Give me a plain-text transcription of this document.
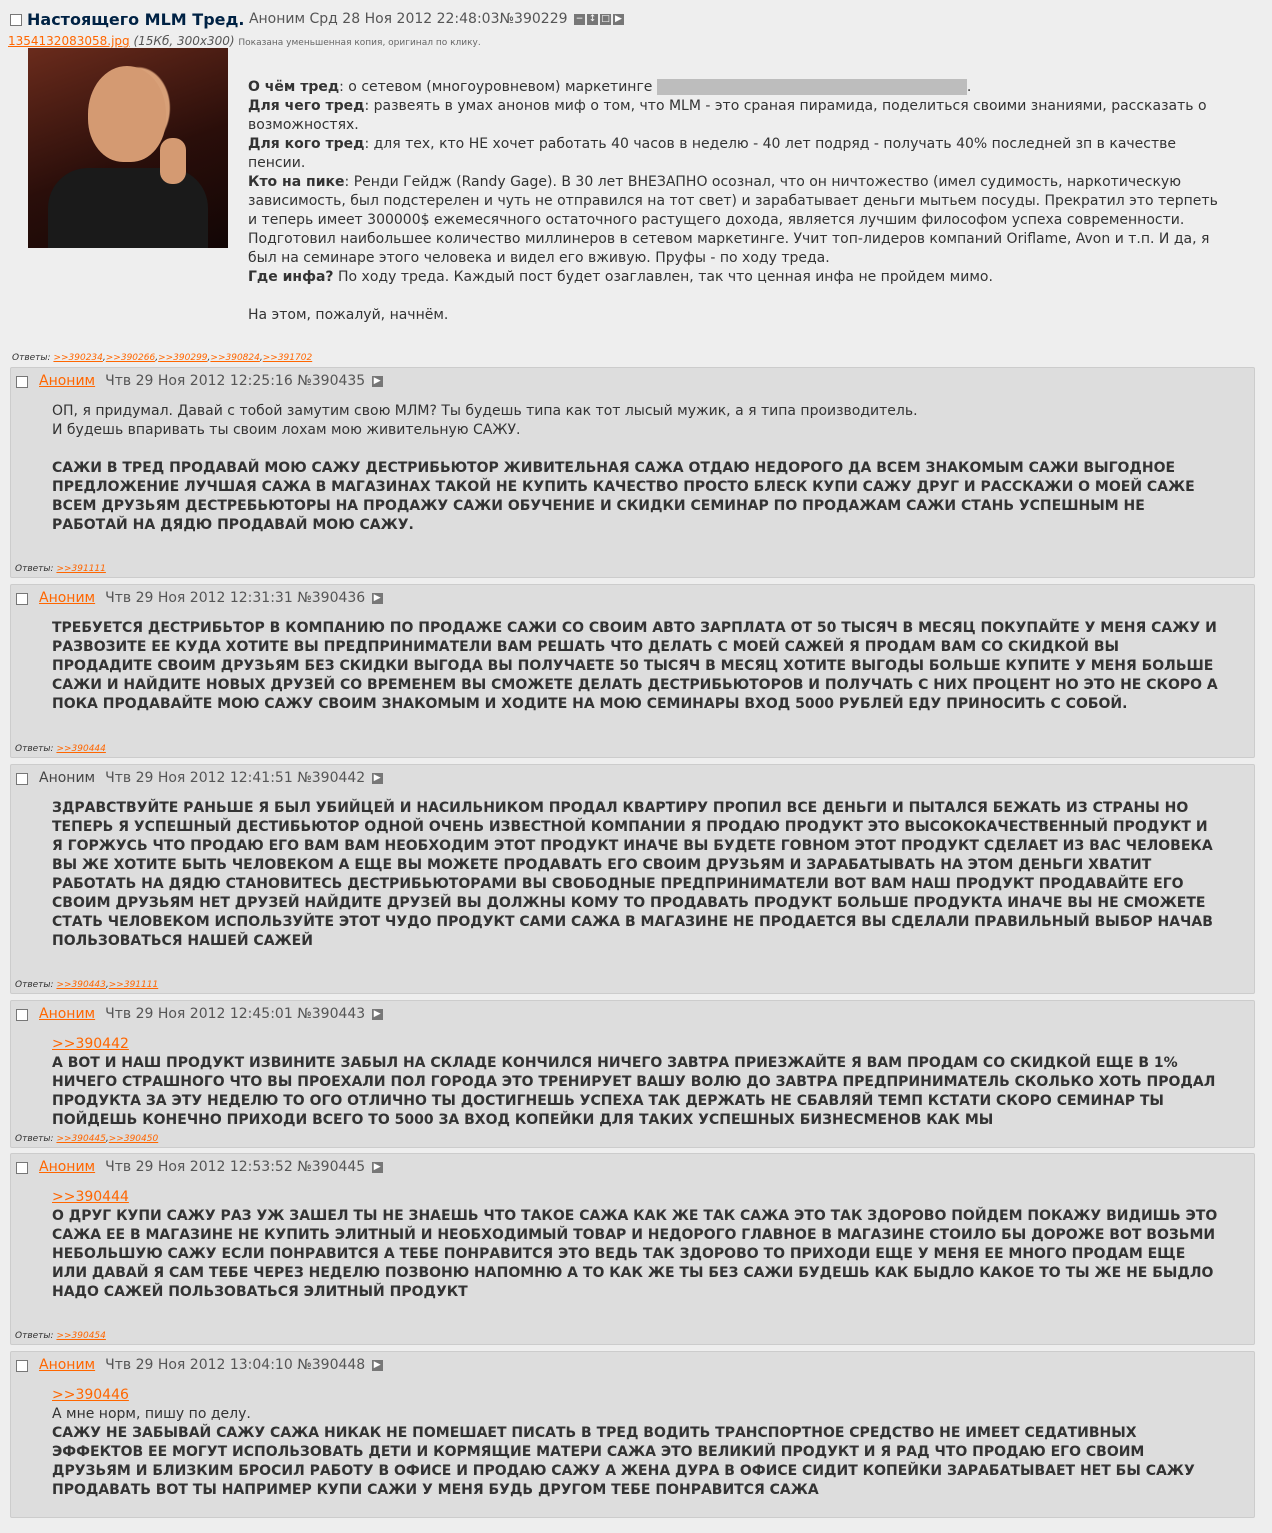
Настоящего MLM Тред. Аноним Срд 28 Ноя 2012 22:48:03№390229 − ↕ □ ▶
1354132083058.jpg (15Кб, 300x300) Показана уменьшенная копия, оригинал по клику.

О чём тред: о сетевом (многоуровневом) маркетинге	.

Для чего тред: развеять в умах анонов миф о том, что MLM - это сраная пирамида, поделиться своими знаниями, рассказать о возможностях.

Для кого тред: для тех, кто НЕ хочет работать 40 часов в неделю - 40 лет подряд - получать 40% последней зп в качестве пенсии.

Кто на пике: Ренди Гейдж (Randy Gage). В 30 лет ВНЕЗАПНО осознал, что он ничтожество (имел судимость, наркотическую зависимость, был подстерелен и чуть не отправился на тот свет) и зарабатывает деньги мытьем посуды. Прекратил это терпеть и теперь имеет 300000$ ежемесячного остаточного растущего дохода, является лучшим философом успеха современности. Подготовил наибольшее количество миллинеров в сетевом маркетинге. Учит топ-лидеров компаний Oriflame, Avon и т.п. И да, я был на семинаре этого человека и видел его вживую. Пруфы - по ходу треда.

Где инфа? По ходу треда. Каждый пост будет озаглавлен, так что ценная инфа не пройдем мимо.

На этом, пожалуй, начнём.

Ответы: >>390234,>>390266,>>390299,>>390824,>>391702
Аноним Чтв 29 Ноя 2012 12:25:16 №390435 ▶

ОП, я придумал. Давай с тобой замутим свою МЛМ? Ты будешь типа как тот лысый мужик, а я типа производитель.

И будешь впаривать ты своим лохам мою живительную САЖУ.

САЖИ В ТРЕД ПРОДАВАЙ МОЮ САЖУ ДЕСТРИБЬЮТОР ЖИВИТЕЛЬНАЯ САЖА ОТДАЮ НЕДОРОГО ДА ВСЕМ ЗНАКОМЫМ САЖИ ВЫГОДНОЕ ПРЕДЛОЖЕНИЕ ЛУЧШАЯ САЖА В МАГАЗИНАХ ТАКОЙ НЕ КУПИТЬ КАЧЕСТВО ПРОСТО БЛЕСК КУПИ САЖУ ДРУГ И РАССКАЖИ О МОЕЙ САЖЕ ВСЕМ ДРУЗЬЯМ ДЕСТРЕБЬЮТОРЫ НА ПРОДАЖУ САЖИ ОБУЧЕНИЕ И СКИДКИ СЕМИНАР ПО ПРОДАЖАМ САЖИ СТАНЬ УСПЕШНЫМ НЕ РАБОТАЙ НА ДЯДЮ ПРОДАВАЙ МОЮ САЖУ.

Ответы: >>391111
Аноним Чтв 29 Ноя 2012 12:31:31 №390436 ▶

ТРЕБУЕТСЯ ДЕСТРИБЬТОР В КОМПАНИЮ ПО ПРОДАЖЕ САЖИ СО СВОИМ АВТО ЗАРПЛАТА ОТ 50 ТЫСЯЧ В МЕСЯЦ ПОКУПАЙТЕ У МЕНЯ САЖУ И РАЗВОЗИТЕ ЕЕ КУДА ХОТИТЕ ВЫ ПРЕДПРИНИМАТЕЛИ ВАМ РЕШАТЬ ЧТО ДЕЛАТЬ С МОЕЙ САЖЕЙ Я ПРОДАМ ВАМ СО СКИДКОЙ ВЫ ПРОДАДИТЕ СВОИМ ДРУЗЬЯМ БЕЗ СКИДКИ ВЫГОДА ВЫ ПОЛУЧАЕТЕ 50 ТЫСЯЧ В МЕСЯЦ ХОТИТЕ ВЫГОДЫ БОЛЬШЕ КУПИТЕ У МЕНЯ БОЛЬШЕ САЖИ И НАЙДИТЕ НОВЫХ ДРУЗЕЙ СО ВРЕМЕНЕМ ВЫ СМОЖЕТЕ ДЕЛАТЬ ДЕСТРИБЬЮТОРОВ И ПОЛУЧАТЬ С НИХ ПРОЦЕНТ НО ЭТО НЕ СКОРО А ПОКА ПРОДАВАЙТЕ МОЮ САЖУ СВОИМ ЗНАКОМЫМ И ХОДИТЕ НА МОЮ СЕМИНАРЫ ВХОД 5000 РУБЛЕЙ ЕДУ ПРИНОСИТЬ С СОБОЙ.

Ответы: >>390444
Аноним Чтв 29 Ноя 2012 12:41:51 №390442 ▶

ЗДРАВСТВУЙТЕ РАНЬШЕ Я БЫЛ УБИЙЦЕЙ И НАСИЛЬНИКОМ ПРОДАЛ КВАРТИРУ ПРОПИЛ ВСЕ ДЕНЬГИ И ПЫТАЛСЯ БЕЖАТЬ ИЗ СТРАНЫ НО ТЕПЕРЬ Я УСПЕШНЫЙ ДЕСТИБЬЮТОР ОДНОЙ ОЧЕНЬ ИЗВЕСТНОЙ КОМПАНИИ Я ПРОДАЮ ПРОДУКТ ЭТО ВЫСОКОКАЧЕСТВЕННЫЙ ПРОДУКТ И Я ГОРЖУСЬ ЧТО ПРОДАЮ ЕГО ВАМ ВАМ НЕОБХОДИМ ЭТОТ ПРОДУКТ ИНАЧЕ ВЫ БУДЕТЕ ГОВНОМ ЭТОТ ПРОДУКТ СДЕЛАЕТ ИЗ ВАС ЧЕЛОВЕКА ВЫ ЖЕ ХОТИТЕ БЫТЬ ЧЕЛОВЕКОМ А ЕЩЕ ВЫ МОЖЕТЕ ПРОДАВАТЬ ЕГО СВОИМ ДРУЗЬЯМ И ЗАРАБАТЫВАТЬ НА ЭТОМ ДЕНЬГИ ХВАТИТ РАБОТАТЬ НА ДЯДЮ СТАНОВИТЕСЬ ДЕСТРИБЬЮТОРАМИ ВЫ СВОБОДНЫЕ ПРЕДПРИНИМАТЕЛИ ВОТ ВАМ НАШ ПРОДУКТ ПРОДАВАЙТЕ ЕГО СВОИМ ДРУЗЬЯМ НЕТ ДРУЗЕЙ НАЙДИТЕ ДРУЗЕЙ ВЫ ДОЛЖНЫ КОМУ ТО ПРОДАВАТЬ ПРОДУКТ БОЛЬШЕ ПРОДУКТА ИНАЧЕ ВЫ НЕ СМОЖЕТЕ СТАТЬ ЧЕЛОВЕКОМ ИСПОЛЬЗУЙТЕ ЭТОТ ЧУДО ПРОДУКТ САМИ САЖА В МАГАЗИНЕ НЕ ПРОДАЕТСЯ ВЫ СДЕЛАЛИ ПРАВИЛЬНЫЙ ВЫБОР НАЧАВ ПОЛЬЗОВАТЬСЯ НАШЕЙ САЖЕЙ

Ответы: >>390443,>>391111
Аноним Чтв 29 Ноя 2012 12:45:01 №390443 ▶

>>390442

А ВОТ И НАШ ПРОДУКТ ИЗВИНИТЕ ЗАБЫЛ НА СКЛАДЕ КОНЧИЛСЯ НИЧЕГО ЗАВТРА ПРИЕЗЖАЙТЕ Я ВАМ ПРОДАМ СО СКИДКОЙ ЕЩЕ В 1% НИЧЕГО СТРАШНОГО ЧТО ВЫ ПРОЕХАЛИ ПОЛ ГОРОДА ЭТО ТРЕНИРУЕТ ВАШУ ВОЛЮ ДО ЗАВТРА ПРЕДПРИНИМАТЕЛЬ СКОЛЬКО ХОТЬ ПРОДАЛ ПРОДУКТА ЗА ЭТУ НЕДЕЛЮ ТО ОГО ОТЛИЧНО ТЫ ДОСТИГНЕШЬ УСПЕХА ТАК ДЕРЖАТЬ НЕ СБАВЛЯЙ ТЕМП КСТАТИ СКОРО СЕМИНАР ТЫ ПОЙДЕШЬ КОНЕЧНО ПРИХОДИ ВСЕГО ТО 5000 ЗА ВХОД КОПЕЙКИ ДЛЯ ТАКИХ УСПЕШНЫХ БИЗНЕСМЕНОВ КАК МЫ

Ответы: >>390445,>>390450
Аноним Чтв 29 Ноя 2012 12:53:52 №390445 ▶

>>390444

О ДРУГ КУПИ САЖУ РАЗ УЖ ЗАШЕЛ ТЫ НЕ ЗНАЕШЬ ЧТО ТАКОЕ САЖА КАК ЖЕ ТАК САЖА ЭТО ТАК ЗДОРОВО ПОЙДЕМ ПОКАЖУ ВИДИШЬ ЭТО САЖА ЕЕ В МАГАЗИНЕ НЕ КУПИТЬ ЭЛИТНЫЙ И НЕОБХОДИМЫЙ ТОВАР И НЕДОРОГО ГЛАВНОЕ В МАГАЗИНЕ СТОИЛО БЫ ДОРОЖЕ ВОТ ВОЗЬМИ НЕБОЛЬШУЮ САЖУ ЕСЛИ ПОНРАВИТСЯ А ТЕБЕ ПОНРАВИТСЯ ЭТО ВЕДЬ ТАК ЗДОРОВО ТО ПРИХОДИ ЕЩЕ У МЕНЯ ЕЕ МНОГО ПРОДАМ ЕЩЕ ИЛИ ДАВАЙ Я САМ ТЕБЕ ЧЕРЕЗ НЕДЕЛЮ ПОЗВОНЮ НАПОМНЮ А ТО КАК ЖЕ ТЫ БЕЗ САЖИ БУДЕШЬ КАК БЫДЛО КАКОЕ ТО ТЫ ЖЕ НЕ БЫДЛО НАДО САЖЕЙ ПОЛЬЗОВАТЬСЯ ЭЛИТНЫЙ ПРОДУКТ

Ответы: >>390454
Аноним Чтв 29 Ноя 2012 13:04:10 №390448 ▶

>>390446

А мне норм, пишу по делу.

САЖУ НЕ ЗАБЫВАЙ САЖУ САЖА НИКАК НЕ ПОМЕШАЕТ ПИСАТЬ В ТРЕД ВОДИТЬ ТРАНСПОРТНОЕ СРЕДСТВО НЕ ИМЕЕТ СЕДАТИВНЫХ ЭФФЕКТОВ ЕЕ МОГУТ ИСПОЛЬЗОВАТЬ ДЕТИ И КОРМЯЩИЕ МАТЕРИ САЖА ЭТО ВЕЛИКИЙ ПРОДУКТ И Я РАД ЧТО ПРОДАЮ ЕГО СВОИМ ДРУЗЬЯМ И БЛИЗКИМ БРОСИЛ РАБОТУ В ОФИСЕ И ПРОДАЮ САЖУ А ЖЕНА ДУРА В ОФИСЕ СИДИТ КОПЕЙКИ ЗАРАБАТЫВАЕТ НЕТ БЫ САЖУ ПРОДАВАТЬ ВОТ ТЫ НАПРИМЕР КУПИ САЖИ У МЕНЯ БУДЬ ДРУГОМ ТЕБЕ ПОНРАВИТСЯ САЖА
